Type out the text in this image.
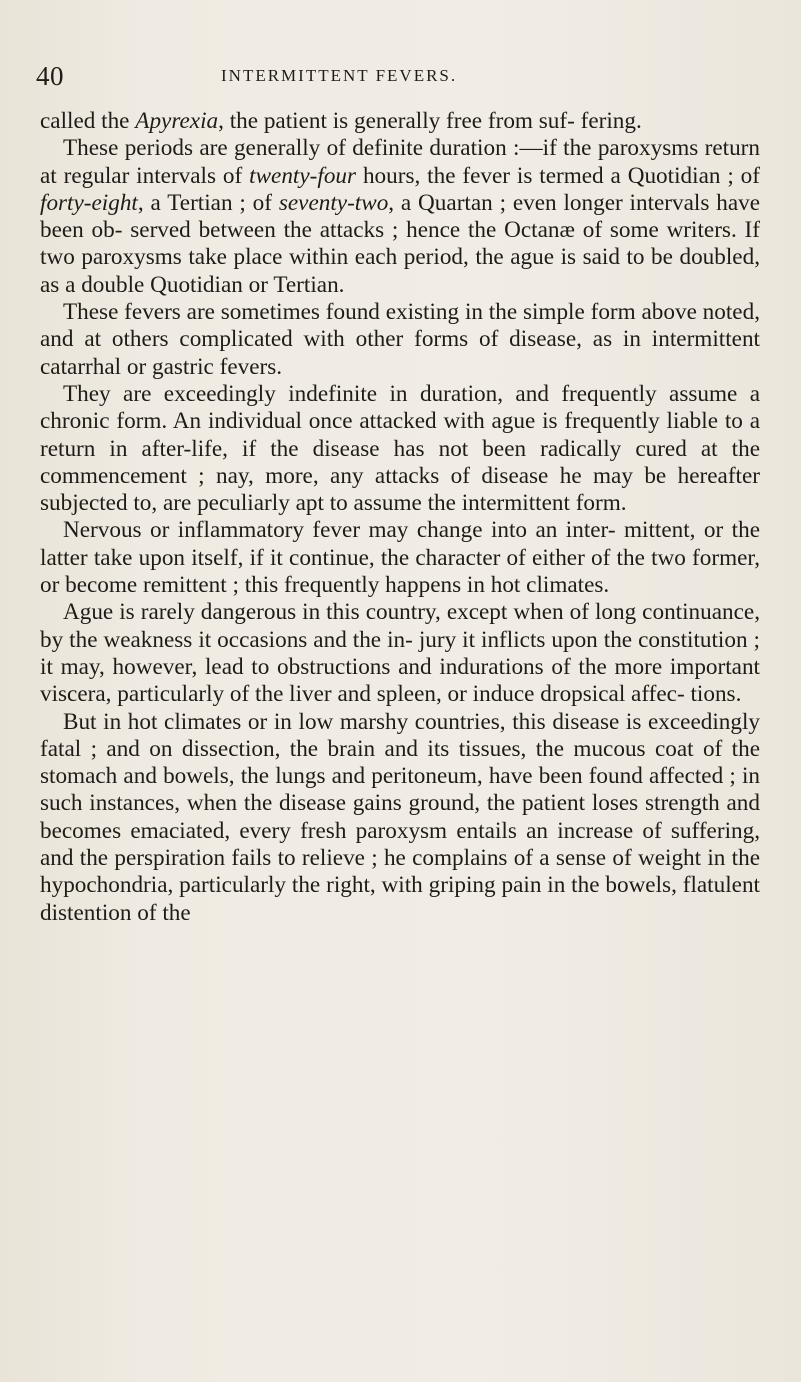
40	INTERMITTENT FEVERS.

called the Apyrexia, the patient is generally free from suf- fering.

These periods are generally of definite duration :—if the paroxysms return at regular intervals of twenty-four hours, the fever is termed a Quotidian ; of forty-eight, a Tertian ; of seventy-two, a Quartan ; even longer intervals have been ob- served between the attacks ; hence the Octanæ of some writers. If two paroxysms take place within each period, the ague is said to be doubled, as a double Quotidian or Tertian.

These fevers are sometimes found existing in the simple form above noted, and at others complicated with other forms of disease, as in intermittent catarrhal or gastric fevers.

They are exceedingly indefinite in duration, and frequently assume a chronic form. An individual once attacked with ague is frequently liable to a return in after-life, if the disease has not been radically cured at the commencement ; nay, more, any attacks of disease he may be hereafter subjected to, are peculiarly apt to assume the intermittent form.

Nervous or inflammatory fever may change into an inter- mittent, or the latter take upon itself, if it continue, the character of either of the two former, or become remittent ; this frequently happens in hot climates.

Ague is rarely dangerous in this country, except when of long continuance, by the weakness it occasions and the in- jury it inflicts upon the constitution ; it may, however, lead to obstructions and indurations of the more important viscera, particularly of the liver and spleen, or induce dropsical affec- tions.

But in hot climates or in low marshy countries, this disease is exceedingly fatal ; and on dissection, the brain and its tissues, the mucous coat of the stomach and bowels, the lungs and peritoneum, have been found affected ; in such instances, when the disease gains ground, the patient loses strength and becomes emaciated, every fresh paroxysm entails an increase of suffering, and the perspiration fails to relieve ; he complains of a sense of weight in the hypochondria, particularly the right, with griping pain in the bowels, flatulent distention of the
